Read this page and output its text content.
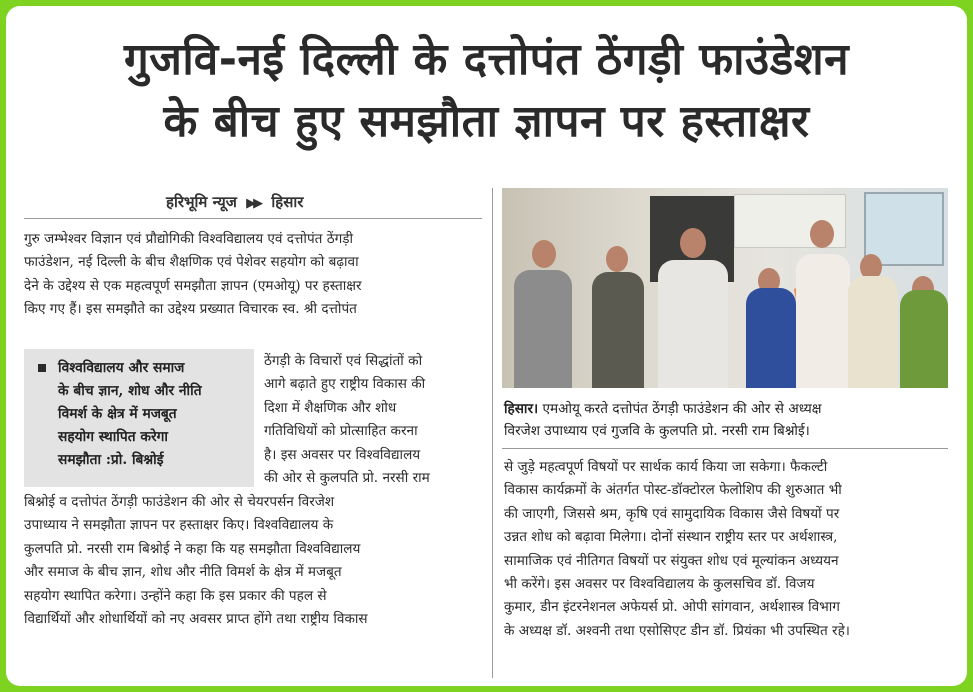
गुजवि-नई दिल्ली के दत्तोपंत ठेंगड़ी फाउंडेशन
के बीच हुए समझौता ज्ञापन पर हस्ताक्षर
हरिभूमि न्यूज ▶▶ हिसार
गुरु जम्भेश्वर विज्ञान एवं प्रौद्योगिकी विश्वविद्यालय एवं दत्तोपंत ठेंगड़ी
फाउंडेशन, नई दिल्ली के बीच शैक्षणिक एवं पेशेवर सहयोग को बढ़ावा
देने के उद्देश्य से एक महत्वपूर्ण समझौता ज्ञापन (एमओयू) पर हस्ताक्षर
किए गए हैं। इस समझौते का उद्देश्य प्रख्यात विचारक स्व. श्री दत्तोपंत
विश्वविद्यालय और समाज
के बीच ज्ञान, शोध और नीति
विमर्श के क्षेत्र में मजबूत
सहयोग स्थापित करेगा
समझौता :प्रो. बिश्नोई
ठेंगड़ी के विचारों एवं सिद्धांतों को
आगे बढ़ाते हुए राष्ट्रीय विकास की
दिशा में शैक्षणिक और शोध
गतिविधियों को प्रोत्साहित करना
है। इस अवसर पर विश्वविद्यालय
की ओर से कुलपति प्रो. नरसी राम
बिश्नोई व दत्तोपंत ठेंगड़ी फाउंडेशन की ओर से चेयरपर्सन विरजेश
उपाध्याय ने समझौता ज्ञापन पर हस्ताक्षर किए। विश्वविद्यालय के
कुलपति प्रो. नरसी राम बिश्नोई ने कहा कि यह समझौता विश्वविद्यालय
और समाज के बीच ज्ञान, शोध और नीति विमर्श के क्षेत्र में मजबूत
सहयोग स्थापित करेगा। उन्होंने कहा कि इस प्रकार की पहल से
विद्यार्थियों और शोधार्थियों को नए अवसर प्राप्त होंगे तथा राष्ट्रीय विकास
हिसार। एमओयू करते दत्तोपंत ठेंगड़ी फाउंडेशन की ओर से अध्यक्ष
विरजेश उपाध्याय एवं गुजवि के कुलपति प्रो. नरसी राम बिश्नोई।
से जुड़े महत्वपूर्ण विषयों पर सार्थक कार्य किया जा सकेगा। फैकल्टी
विकास कार्यक्रमों के अंतर्गत पोस्ट-डॉक्टोरल फेलोशिप की शुरुआत भी
की जाएगी, जिससे श्रम, कृषि एवं सामुदायिक विकास जैसे विषयों पर
उन्नत शोध को बढ़ावा मिलेगा। दोनों संस्थान राष्ट्रीय स्तर पर अर्थशास्त्र,
सामाजिक एवं नीतिगत विषयों पर संयुक्त शोध एवं मूल्यांकन अध्ययन
भी करेंगे। इस अवसर पर विश्वविद्यालय के कुलसचिव डॉ. विजय
कुमार, डीन इंटरनेशनल अफेयर्स प्रो. ओपी सांगवान, अर्थशास्त्र विभाग
के अध्यक्ष डॉ. अश्वनी तथा एसोसिएट डीन डॉ. प्रियंका भी उपस्थित रहे।
